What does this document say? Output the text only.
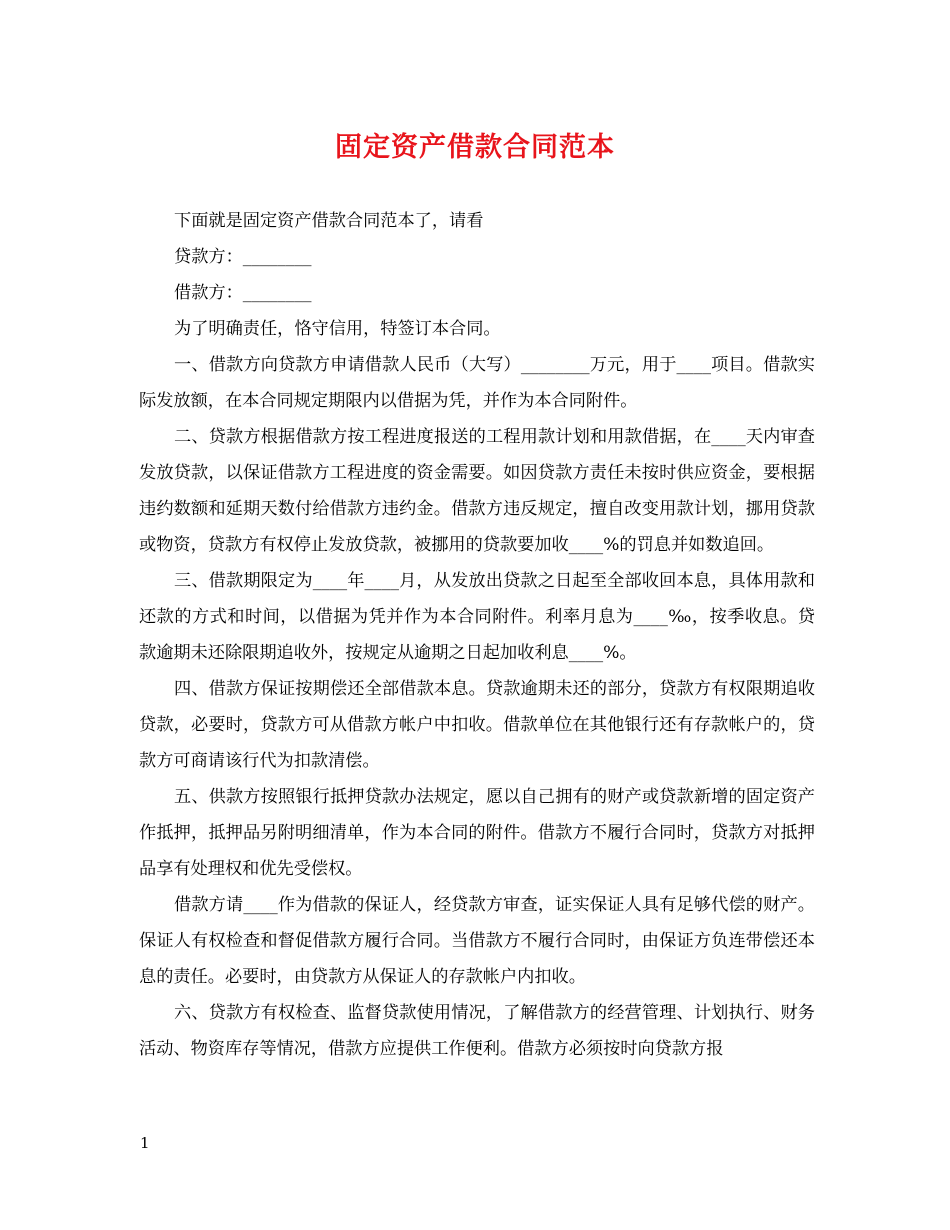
固定资产借款合同范本

下面就是固定资产借款合同范本了，请看

贷款方：________

借款方：________

为了明确责任，恪守信用，特签订本合同。

一、借款方向贷款方申请借款人民币（大写）________万元，用于____项目。借款实际发放额，在本合同规定期限内以借据为凭，并作为本合同附件。

二、贷款方根据借款方按工程进度报送的工程用款计划和用款借据，在____天内审查发放贷款，以保证借款方工程进度的资金需要。如因贷款方责任未按时供应资金，要根据违约数额和延期天数付给借款方违约金。借款方违反规定，擅自改变用款计划，挪用贷款或物资，贷款方有权停止发放贷款，被挪用的贷款要加收____%的罚息并如数追回。

三、借款期限定为____年____月，从发放出贷款之日起至全部收回本息，具体用款和还款的方式和时间，以借据为凭并作为本合同附件。利率月息为____‰，按季收息。贷款逾期未还除限期追收外，按规定从逾期之日起加收利息____%。

四、借款方保证按期偿还全部借款本息。贷款逾期未还的部分，贷款方有权限期追收贷款，必要时，贷款方可从借款方帐户中扣收。借款单位在其他银行还有存款帐户的，贷款方可商请该行代为扣款清偿。

五、供款方按照银行抵押贷款办法规定，愿以自己拥有的财产或贷款新增的固定资产作抵押，抵押品另附明细清单，作为本合同的附件。借款方不履行合同时，贷款方对抵押品享有处理权和优先受偿权。

借款方请____作为借款的保证人，经贷款方审查，证实保证人具有足够代偿的财产。保证人有权检查和督促借款方履行合同。当借款方不履行合同时，由保证方负连带偿还本息的责任。必要时，由贷款方从保证人的存款帐户内扣收。

六、贷款方有权检查、监督贷款使用情况，了解借款方的经营管理、计划执行、财务活动、物资库存等情况，借款方应提供工作便利。借款方必须按时向贷款方报

1
